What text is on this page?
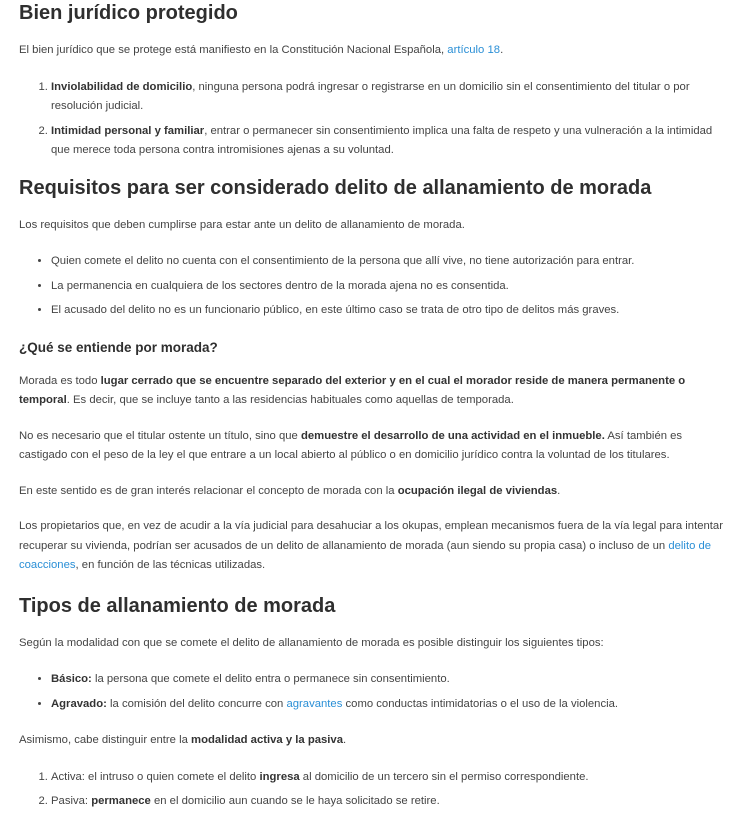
Bien jurídico protegido

El bien jurídico que se protege está manifiesto en la Constitución Nacional Española, artículo 18.

1. Inviolabilidad de domicilio, ninguna persona podrá ingresar o registrarse en un domicilio sin el consentimiento del titular o por resolución judicial.
2. Intimidad personal y familiar, entrar o permanecer sin consentimiento implica una falta de respeto y una vulneración a la intimidad que merece toda persona contra intromisiones ajenas a su voluntad.
Requisitos para ser considerado delito de allanamiento de morada

Los requisitos que deben cumplirse para estar ante un delito de allanamiento de morada.

• Quien comete el delito no cuenta con el consentimiento de la persona que allí vive, no tiene autorización para entrar.
• La permanencia en cualquiera de los sectores dentro de la morada ajena no es consentida.
• El acusado del delito no es un funcionario público, en este último caso se trata de otro tipo de delitos más graves.
¿Qué se entiende por morada?

Morada es todo lugar cerrado que se encuentre separado del exterior y en el cual el morador reside de manera permanente o temporal. Es decir, que se incluye tanto a las residencias habituales como aquellas de temporada.

No es necesario que el titular ostente un título, sino que demuestre el desarrollo de una actividad en el inmueble. Así también es castigado con el peso de la ley el que entrare a un local abierto al público o en domicilio jurídico contra la voluntad de los titulares.

En este sentido es de gran interés relacionar el concepto de morada con la ocupación ilegal de viviendas.

Los propietarios que, en vez de acudir a la vía judicial para desahuciar a los okupas, emplean mecanismos fuera de la vía legal para intentar recuperar su vivienda, podrían ser acusados de un delito de allanamiento de morada (aun siendo su propia casa) o incluso de un delito de coacciones, en función de las técnicas utilizadas.

Tipos de allanamiento de morada

Según la modalidad con que se comete el delito de allanamiento de morada es posible distinguir los siguientes tipos:

• Básico: la persona que comete el delito entra o permanece sin consentimiento.
• Agravado: la comisión del delito concurre con agravantes como conductas intimidatorias o el uso de la violencia.

Asimismo, cabe distinguir entre la modalidad activa y la pasiva.

1. Activa: el intruso o quien comete el delito ingresa al domicilio de un tercero sin el permiso correspondiente.
2. Pasiva: permanece en el domicilio aun cuando se le haya solicitado se retire.
